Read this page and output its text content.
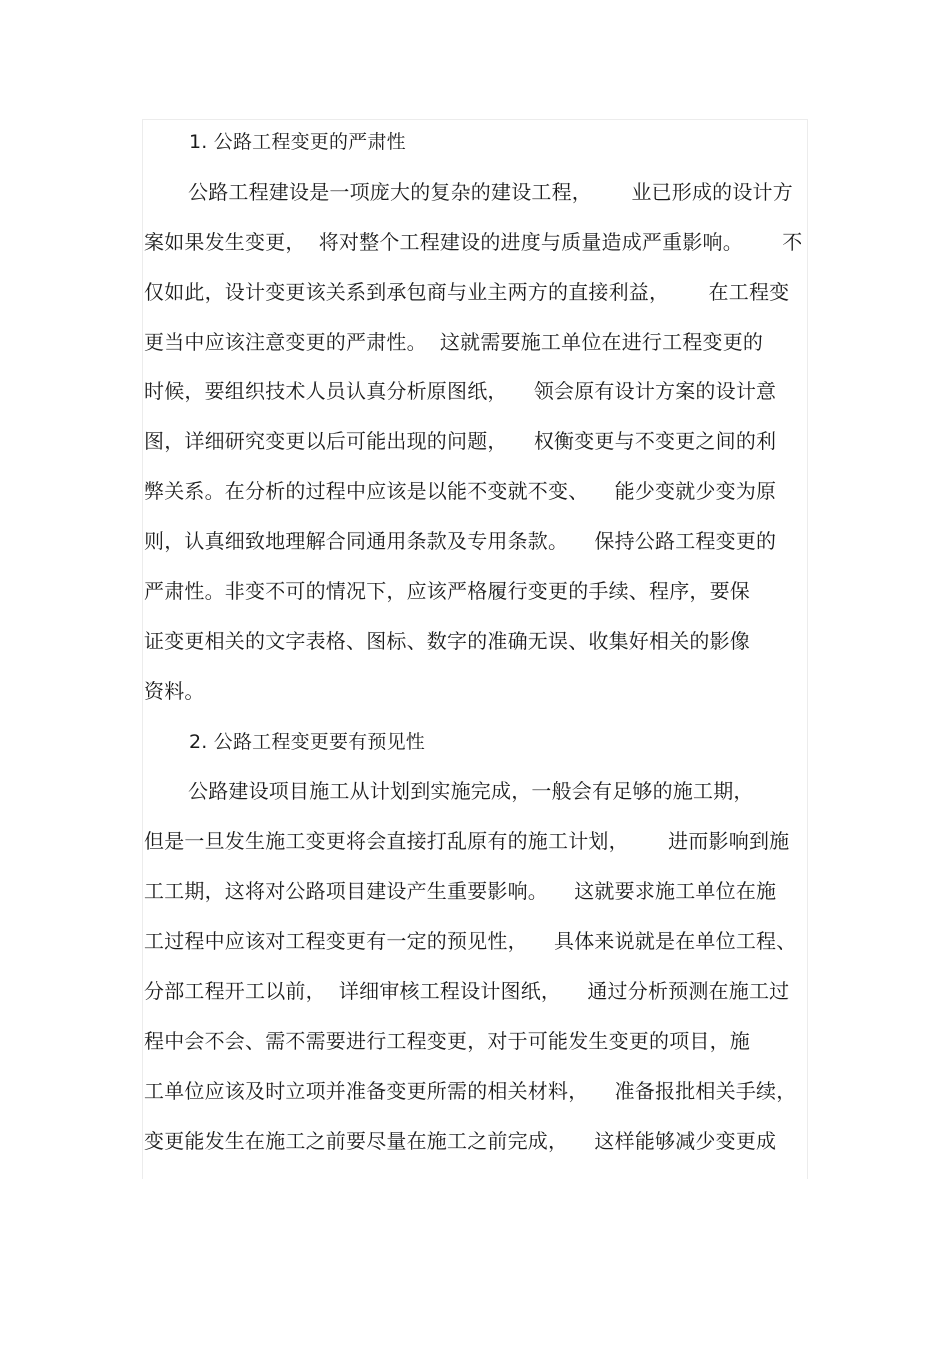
1. 公路工程变更的严肃性
公路工程建设是一项庞大的复杂的建设工程，      业已形成的设计方
案如果发生变更，  将对整个工程建设的进度与质量造成严重影响。      不
仅如此，设计变更该关系到承包商与业主两方的直接利益，      在工程变
更当中应该注意变更的严肃性。  这就需要施工单位在进行工程变更的
时候，要组织技术人员认真分析原图纸，    领会原有设计方案的设计意
图，详细研究变更以后可能出现的问题，    权衡变更与不变更之间的利
弊关系。在分析的过程中应该是以能不变就不变、    能少变就少变为原
则，认真细致地理解合同通用条款及专用条款。    保持公路工程变更的
严肃性。非变不可的情况下，应该严格履行变更的手续、程序，要保
证变更相关的文字表格、图标、数字的准确无误、收集好相关的影像
资料。
2. 公路工程变更要有预见性
公路建设项目施工从计划到实施完成，一般会有足够的施工期，
但是一旦发生施工变更将会直接打乱原有的施工计划，      进而影响到施
工工期，这将对公路项目建设产生重要影响。    这就要求施工单位在施
工过程中应该对工程变更有一定的预见性，    具体来说就是在单位工程、
分部工程开工以前，  详细审核工程设计图纸，    通过分析预测在施工过
程中会不会、需不需要进行工程变更，对于可能发生变更的项目，施
工单位应该及时立项并准备变更所需的相关材料，    准备报批相关手续，
变更能发生在施工之前要尽量在施工之前完成，    这样能够减少变更成
